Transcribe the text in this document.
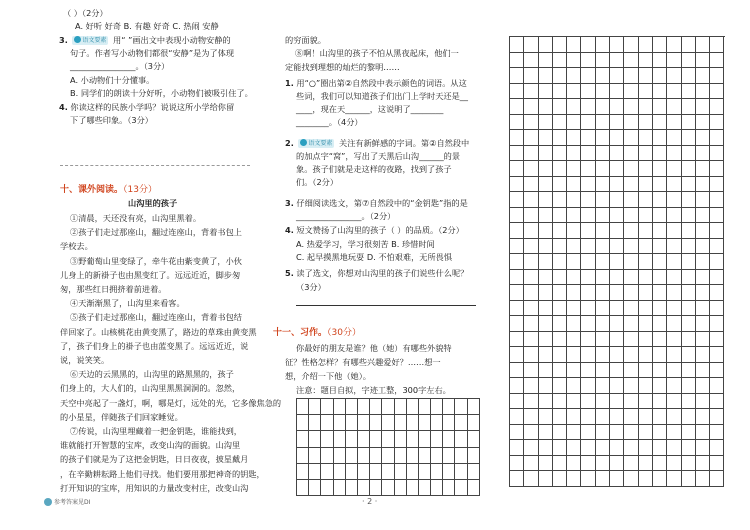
（ ）（2分）
A. 好听 好奇 B. 有趣 好奇 C. 热闹 安静
3. 语文要素 用“ ”画出文中表现小动物安静的
句子。作者写小动物们都很“安静”是为了体现
________________。（3分）
A. 小动物们十分懂事。
B. 同学们的朗读十分好听，小动物们被吸引住了。
4. 你读这样的民族小学吗？说说这所小学给你留
下了哪些印象。（3分）
十、课外阅读。（13分）
山沟里的孩子
①清晨，天还没有亮，山沟里黑着。
②孩子们走过那座山，翻过连座山，背着书包上
学校去。
③野葡萄山里变绿了，牵牛花由紫变黄了，小伙
儿身上的新褂子也由黑变红了。远远近近，脚步匆
匆，那些红日拥挤着前进着。
④天渐渐黑了，山沟里来看客。
⑤孩子们走过那座山，翻过连座山，背着书包结
伴回家了。山核桃花由黄变黑了，路边的草珠由黄变黑
了，孩子们身上的褂子也由蓝变黑了。远远近近，说
说，说笑笑。
⑥天边的云黑黑的，山沟里的路黑黑的，孩子
们身上的，大人们的，山沟里黑黑洞洞的。忽然，
天空中亮起了一盏灯，啊，哪是灯，远处的光，它多像焦急的
的小星星，伴随孩子们回家睡觉。
⑦传说，山沟里埋藏着一把金钥匙，谁能找到，
谁就能打开智慧的宝库，改变山沟的面貌。山沟里
的孩子们就是为了这把金钥匙，日日夜夜，披星戴月
，在辛勤耕耘路上他们寻找。他们要用那把神奇的钥匙，
打开知识的宝库，用知识的力量改变村庄，改变山沟
的穷面貌。
⑧啊！山沟里的孩子不怕从黑夜起床，他们一
定能找到理想的灿烂的黎明……
1. 用“○”圈出第②自然段中表示颜色的词语。从这
些词，我们可以知道孩子们出门上学时天还是__
____，现在天______，这说明了________
________。（4分）
2. 语文要素 关注有新鲜感的字词。第②自然段中
的加点字“窝”，写出了天黑后山沟______的景
象。孩子们就是走这样的夜路，找到了孩子
们。（2分）
3. 仔细阅读选文，第⑦自然段中的“金钥匙”指的是
________________。（2分）
4. 短文赞扬了山沟里的孩子（ ）的品质。（2分）
A. 热爱学习，学习很刻苦 B. 珍惜时间
C. 起早摸黑地玩耍 D. 不怕艰难，无所畏惧
5. 读了选文，你想对山沟里的孩子们说些什么呢？
（3分）
十一、习作。（30分）
你最好的朋友是谁？他（她）有哪些外貌特
征？性格怎样？有哪些兴趣爱好？……想一
想，介绍一下他（她）。
注意：题目自拟，字迹工整，300字左右。
· 2 ·
参考答案见DI
